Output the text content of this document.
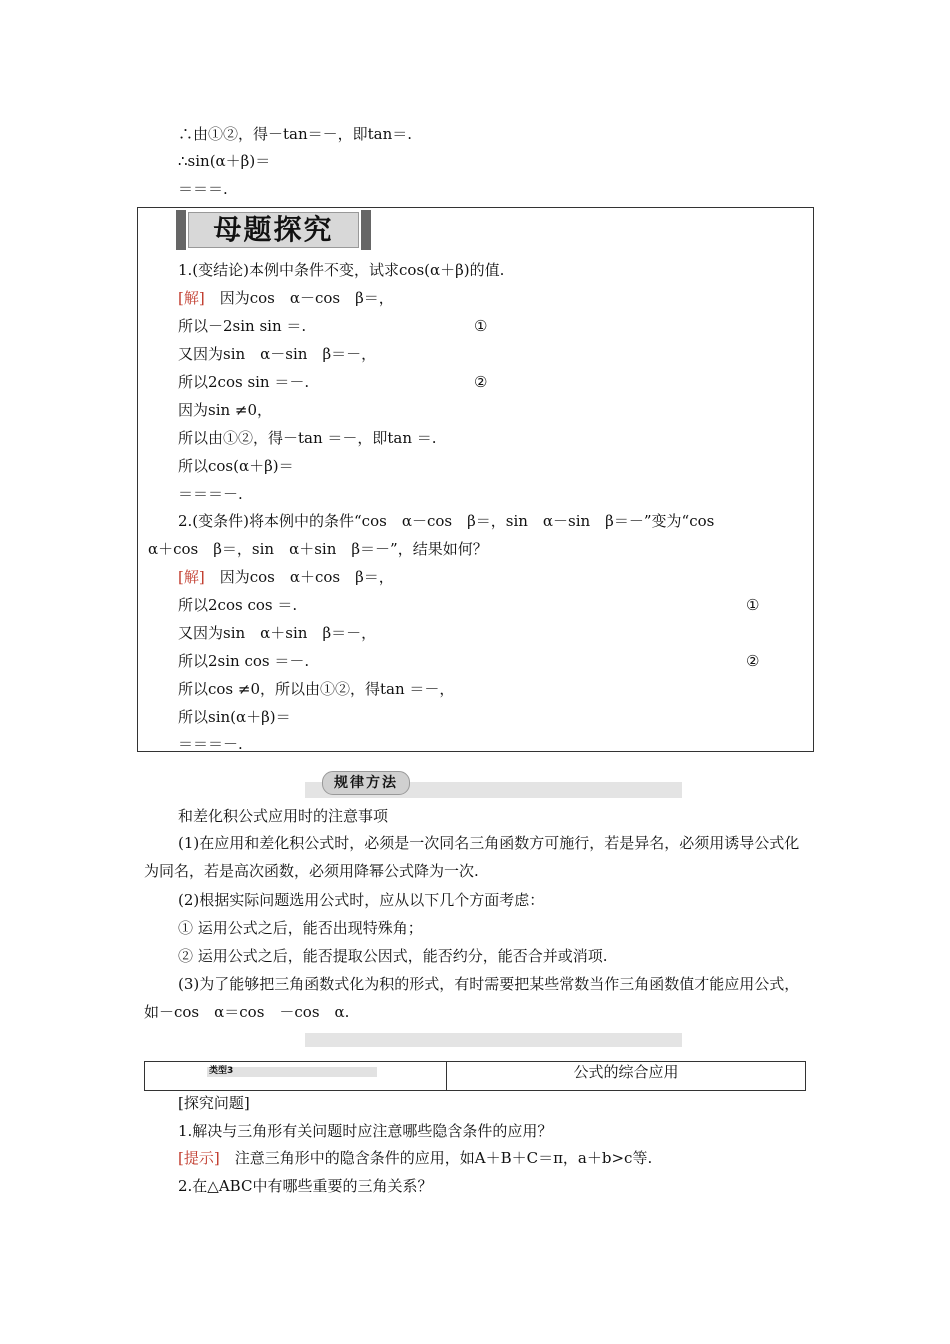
∴由①②，得－tan＝－，即tan＝.
∴sin(α＋β)＝
＝＝＝.
母题探究
1.(变结论)本例中条件不变，试求cos(α＋β)的值.
[解]　 因为cos　α－cos　β＝，
所以－2sin sin ＝.	①
又因为sin　α－sin　β＝－，
所以2cos sin ＝－.	②
因为sin ≠0，
所以由①②，得－tan ＝－，即tan ＝.
所以cos(α＋β)＝
＝＝＝－.
2.(变条件)将本例中的条件“cos　α－cos　β＝，sin　α－sin　β＝－”变为“cos
α＋cos　β＝，sin　α＋sin　β＝－”，结果如何？
[解]　 因为cos　α＋cos　β＝，
所以2cos cos ＝.	①
又因为sin　α＋sin　β＝－，
所以2sin cos ＝－.	②
所以cos ≠0，所以由①②，得tan ＝－，
所以sin(α＋β)＝
＝＝＝－.
规律方法
和差化积公式应用时的注意事项
(1)在应用和差化积公式时，必须是一次同名三角函数方可施行，若是异名，必须用诱导公式化为同名，若是高次函数，必须用降幂公式降为一次.
(2)根据实际问题选用公式时，应从以下几个方面考虑：
① 运用公式之后，能否出现特殊角；
② 运用公式之后，能否提取公因式，能否约分，能否合并或消项.
(3)为了能够把三角函数式化为积的形式，有时需要把某些常数当作三角函数值才能应用公式，如－cos　α＝cos　－cos　α.
类型3	公式的综合应用
[探究问题]
1.解决与三角形有关问题时应注意哪些隐含条件的应用？
[提示]　 注意三角形中的隐含条件的应用，如A＋B＋C＝π，a＋b>c等.
2.在△ABC中有哪些重要的三角关系？
